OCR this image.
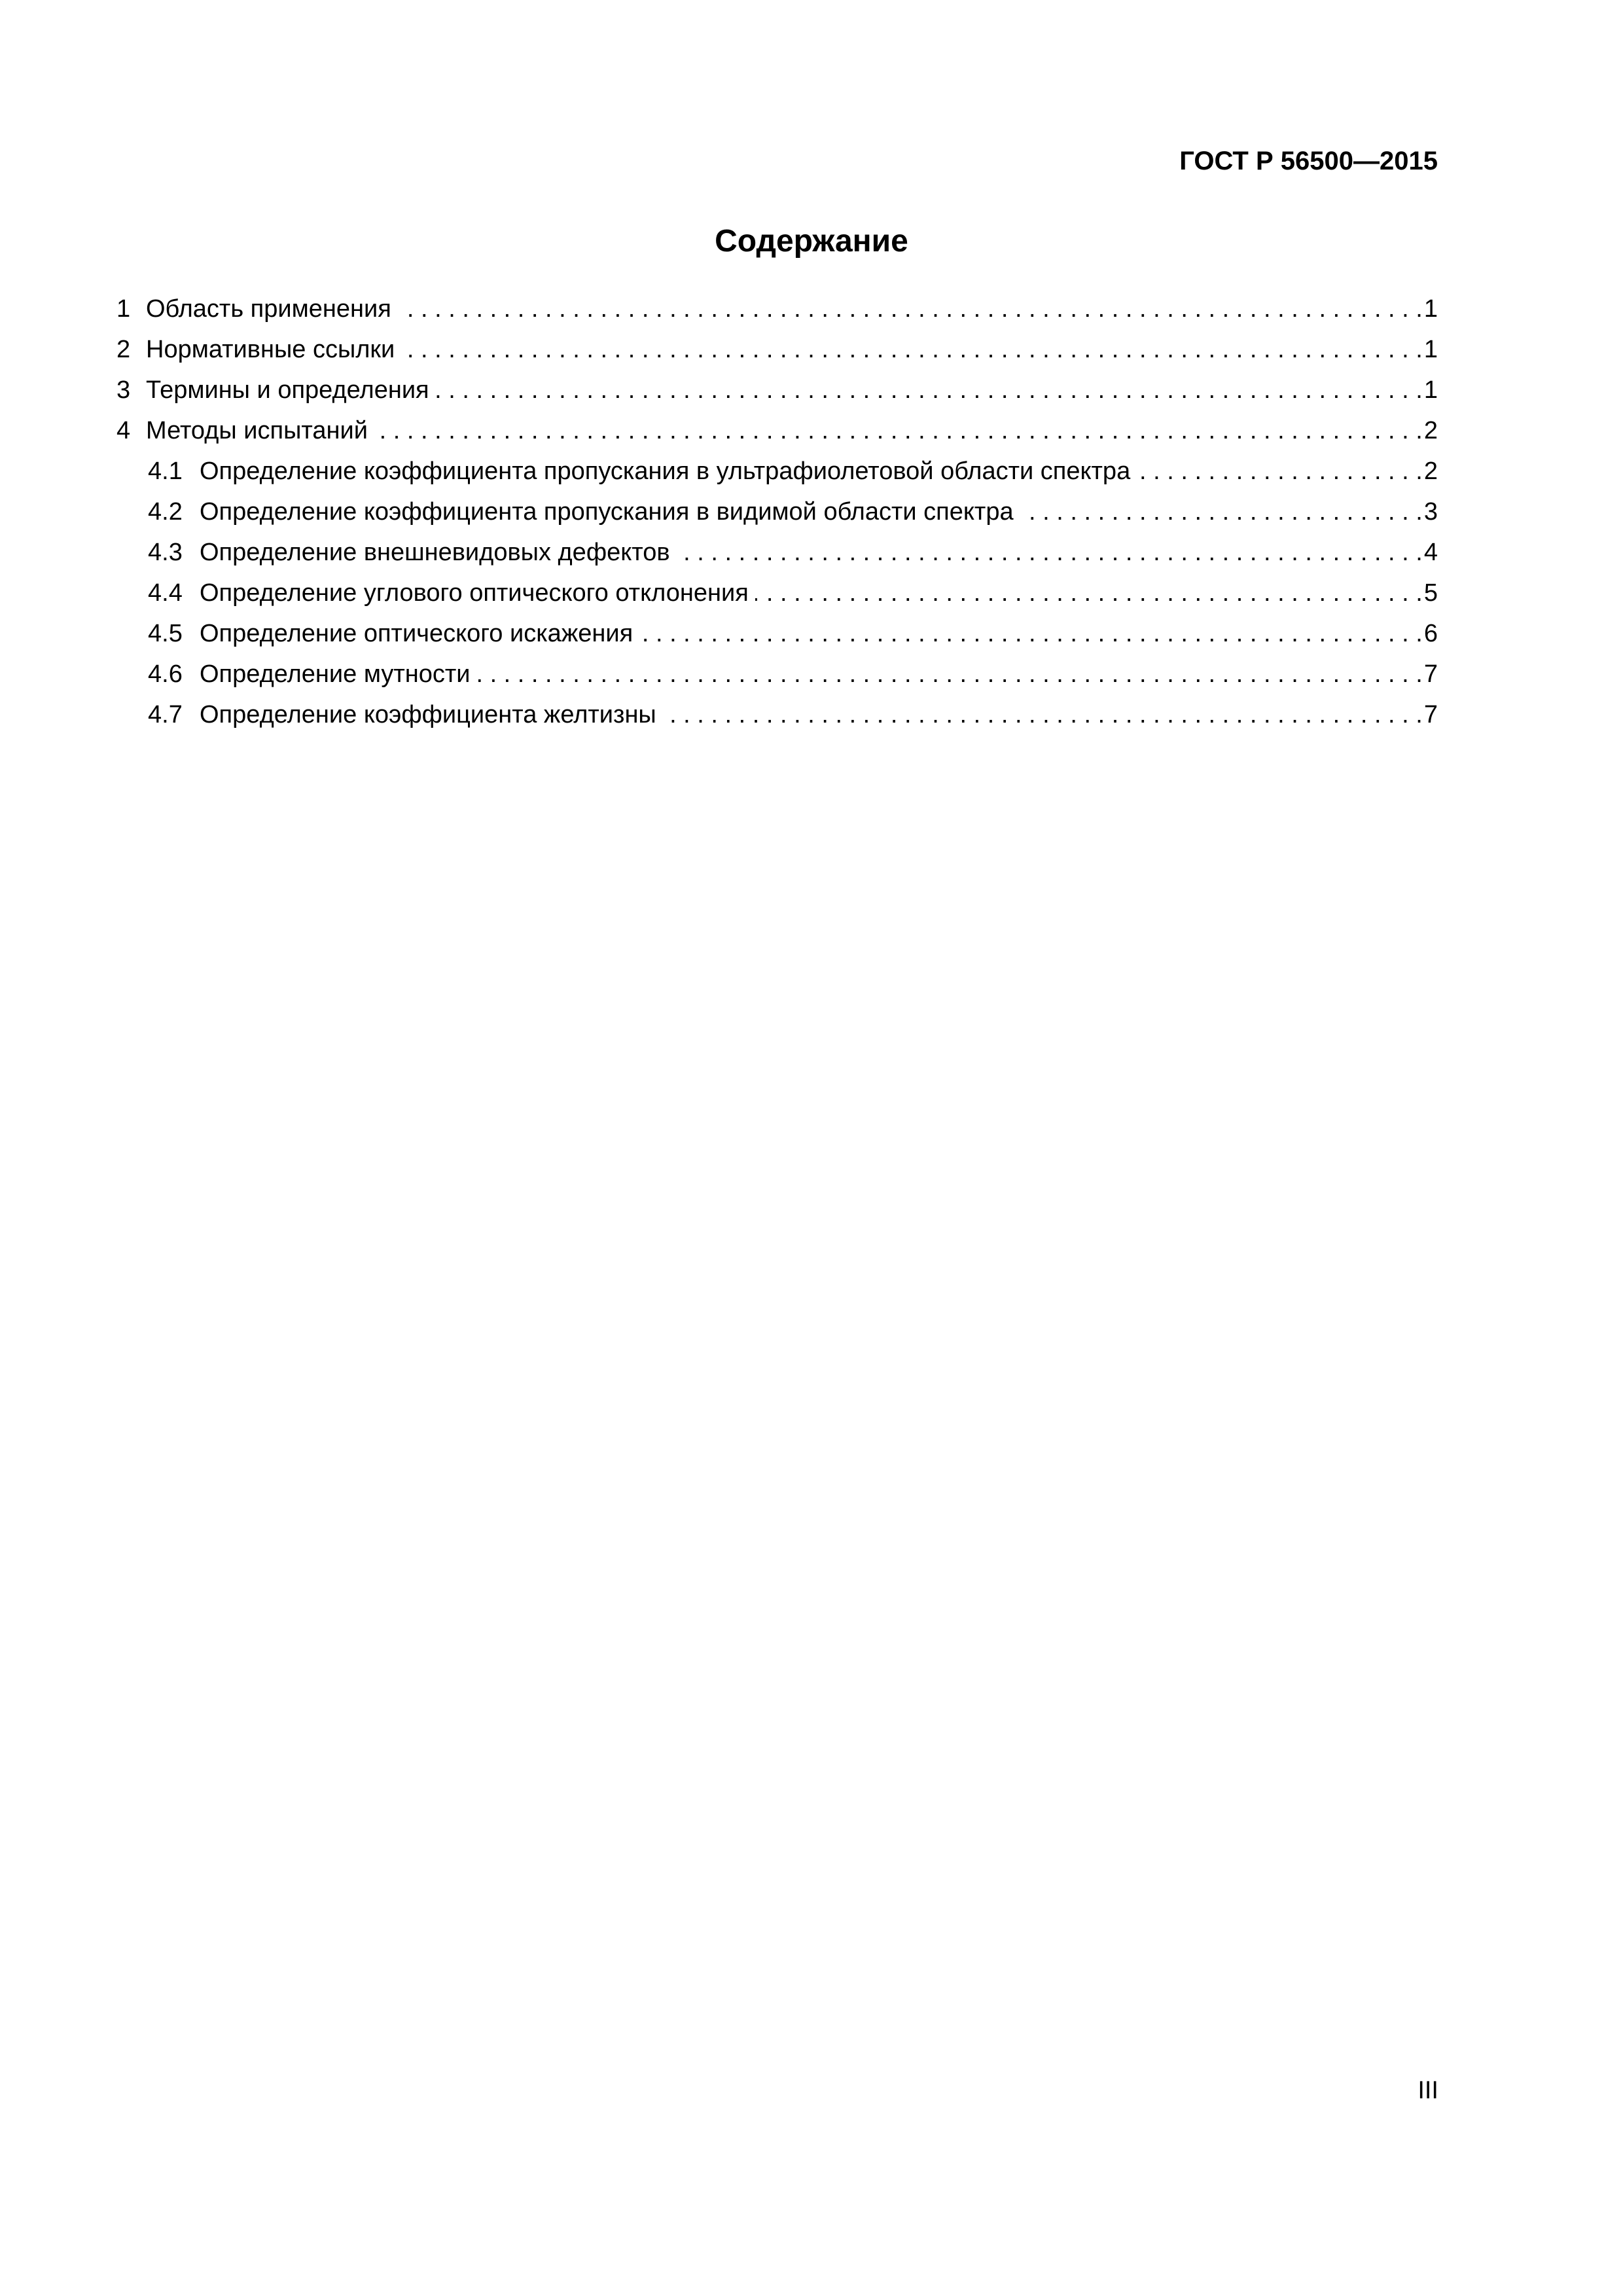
ГОСТ Р 56500—2015
Содержание
1 Область применения . . .	1
2 Нормативные ссылки . . .	1
3 Термины и определения . . .	1
4 Методы испытаний . . .	2
4.1 Определение коэффициента пропускания в ультрафиолетовой области спектра . . .	2
4.2 Определение коэффициента пропускания в видимой области спектра . . .	3
4.3 Определение внешневидовых дефектов . . .	4
4.4 Определение углового оптического отклонения . . .	5
4.5 Определение оптического искажения . . .	6
4.6 Определение мутности . . .	7
4.7 Определение коэффициента желтизны . . .	7
III
